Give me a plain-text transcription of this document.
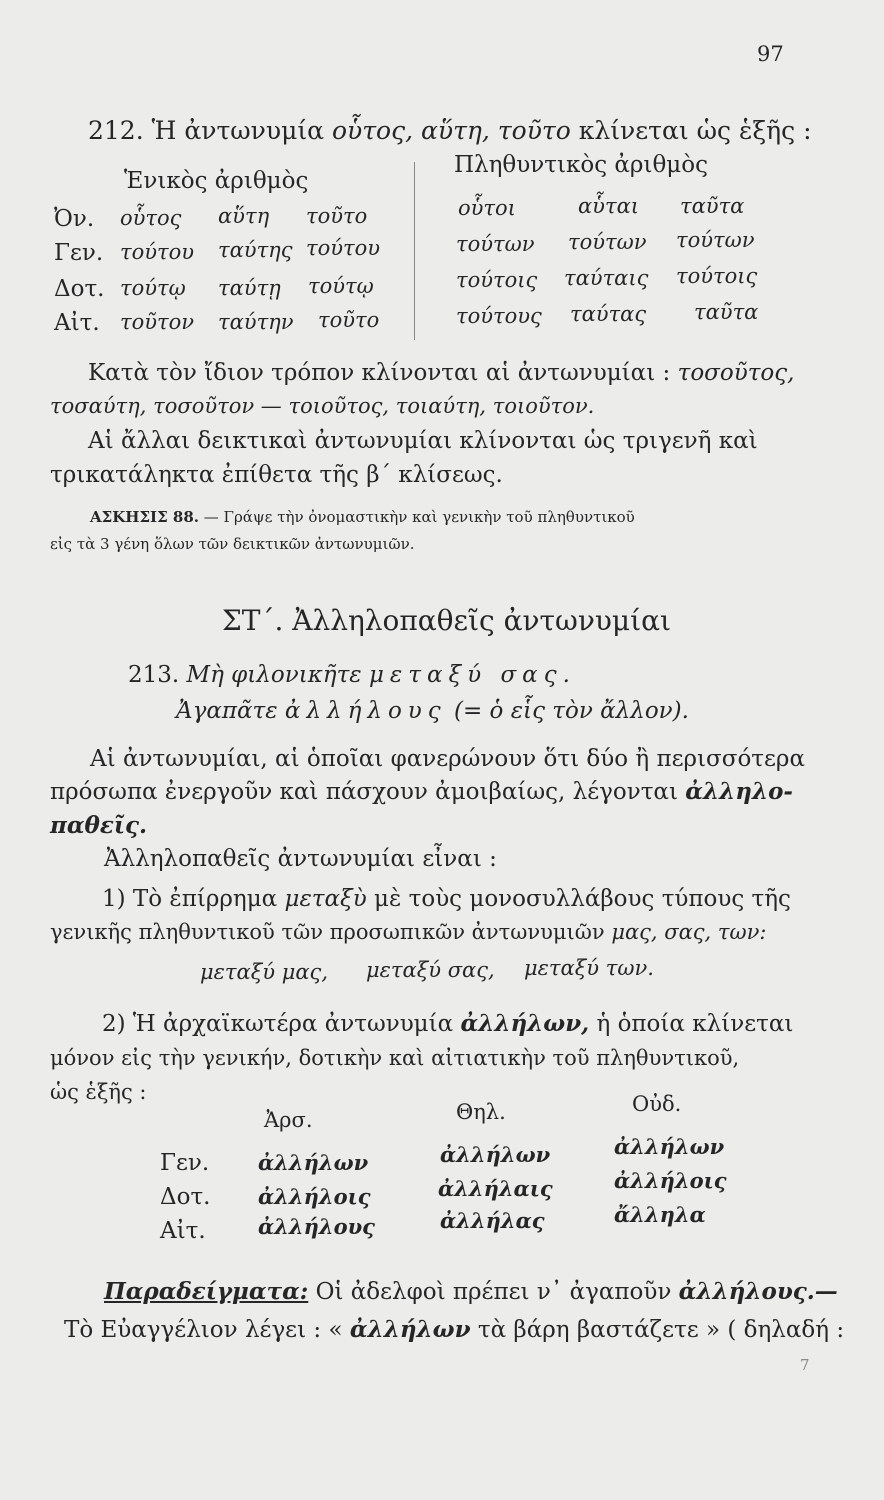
97
212. Ἡ ἀντωνυμία οὗτος, αὕτη, τοῦτο κλίνεται ὡς ἑξῆς :
Ἑνικὸς ἀριθμὸς
Πληθυντικὸς ἀριθμὸς
Ὀν. οὗτος αὕτη τοῦτο	οὗτοι	αὗται ταῦτα
Γεν. τούτου ταύτης τούτου	τούτων τούτων τούτων
Δοτ. τούτῳ ταύτῃ τούτῳ	τούτοις ταύταις τούτοις
Αἰτ. τοῦτον ταύτην τοῦτο	τούτους ταύτας ταῦτα
Κατὰ τὸν ἴδιον τρόπον κλίνονται αἱ ἀντωνυμίαι : τοσοῦτος,
τοσαύτη, τοσοῦτον — τοιοῦτος, τοιαύτη, τοιοῦτον.
Αἱ ἄλλαι δεικτικαὶ ἀντωνυμίαι κλίνονται ὡς τριγενῆ καὶ
τρικατάληκτα ἐπίθετα τῆς β΄ κλίσεως.
ΑΣΚΗΣΙΣ 88. — Γράψε τὴν ὀνομαστικὴν καὶ γενικὴν τοῦ πληθυντικοῦ
εἰς τὰ 3 γένη ὅλων τῶν δεικτικῶν ἀντωνυμιῶν.
ΣΤ΄. Ἀλληλοπαθεῖς ἀντωνυμίαι
213. Μὴ φιλονικῆτε μεταξύ σας.
Ἀγαπᾶτε ἀλλήλους (= ὁ εἷς τὸν ἄλλον).
Αἱ ἀντωνυμίαι, αἱ ὁποῖαι φανερώνουν ὅτι δύο ἢ περισσότερα
πρόσωπα ἐνεργοῦν καὶ πάσχουν ἀμοιβαίως, λέγονται ἀλληλο-
παθεῖς.
Ἀλληλοπαθεῖς ἀντωνυμίαι εἶναι :
1) Τὸ ἐπίρρημα μεταξὺ μὲ τοὺς μονοσυλλάβους τύπους τῆς
γενικῆς πληθυντικοῦ τῶν προσωπικῶν ἀντωνυμιῶν μας, σας, των:
μεταξύ μας, μεταξύ σας, μεταξύ των.
2) Ἡ ἀρχαϊκωτέρα ἀντωνυμία ἀλλήλων, ἡ ὁποία κλίνεται
μόνον εἰς τὴν γενικήν, δοτικὴν καὶ αἰτιατικὴν τοῦ πληθυντικοῦ,
ὡς ἑξῆς :
Ἀρσ.	Θηλ.	Οὐδ.
Γεν. ἀλλήλων	ἀλλήλων	ἀλλήλων
Δοτ. ἀλλήλοις	ἀλλήλαις	ἀλλήλοις
Αἰτ. ἀλλήλους	ἀλλήλας	ἄλληλα
Παραδείγματα: Οἱ ἀδελφοὶ πρέπει ν᾿ ἀγαποῦν ἀλλήλους.—
Τὸ Εὐαγγέλιον λέγει : « ἀλλήλων τὰ βάρη βαστάζετε » ( δηλαδή :
7
